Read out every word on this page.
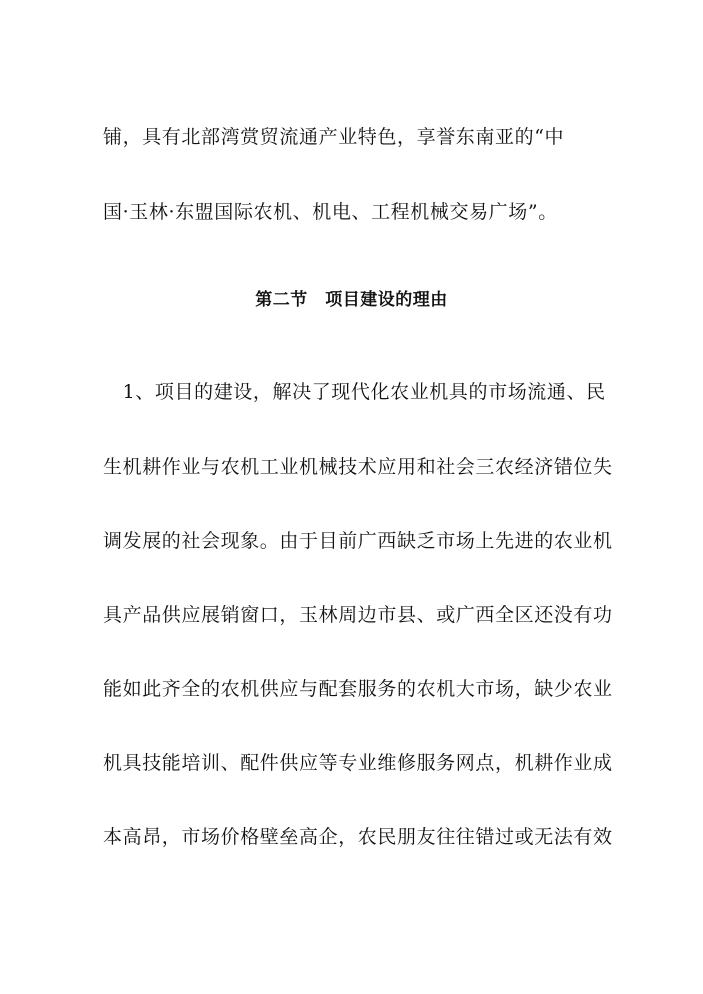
铺，具有北部湾赏贸流通产业特色，享誉东南亚的“中
国·玉林·东盟国际农机、机电、工程机械交易广场”。
第二节　项目建设的理由
　1、项目的建设，解决了现代化农业机具的市场流通、民
生机耕作业与农机工业机械技术应用和社会三农经济错位失
调发展的社会现象。由于目前广西缺乏市场上先进的农业机
具产品供应展销窗口，玉林周边市县、或广西全区还没有功
能如此齐全的农机供应与配套服务的农机大市场，缺少农业
机具技能培训、配件供应等专业维修服务网点，机耕作业成
本高昂，市场价格壁垒高企，农民朋友往往错过或无法有效
